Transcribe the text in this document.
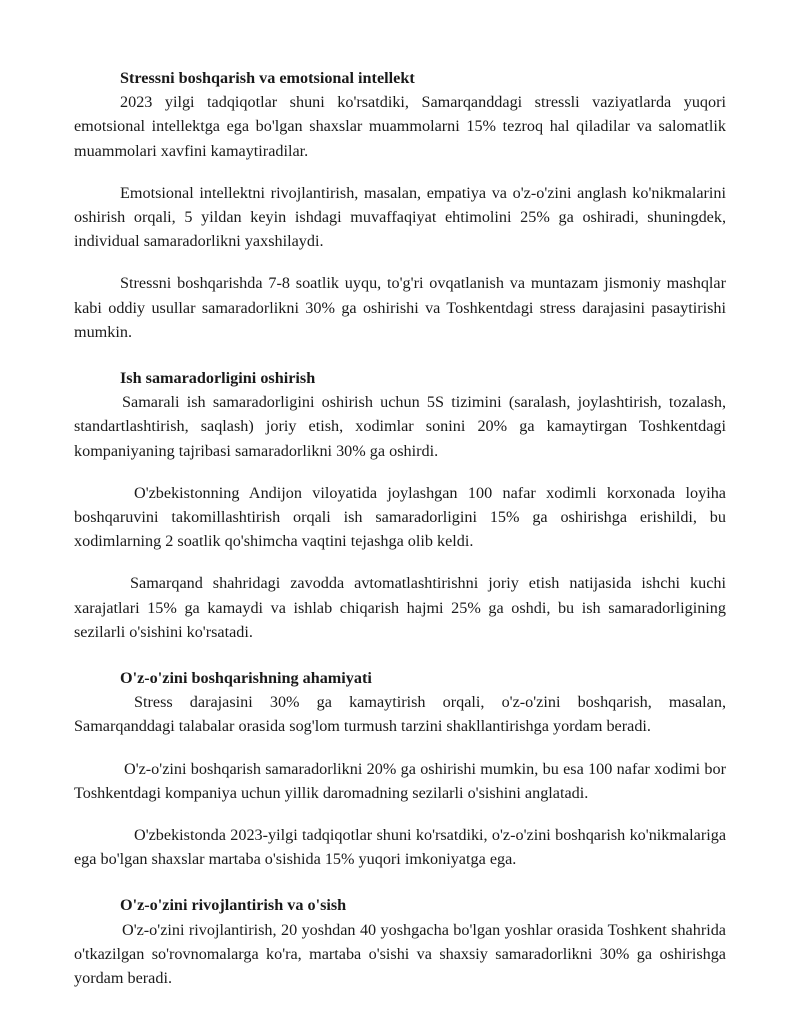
Stressni boshqarish va emotsional intellekt

2023 yilgi tadqiqotlar shuni ko'rsatdiki, Samarqanddagi stressli vaziyatlarda yuqori emotsional intellektga ega bo'lgan shaxslar muammolarni 15% tezroq hal qiladilar va salomatlik muammolari xavfini kamaytiradilar.

Emotsional intellektni rivojlantirish, masalan, empatiya va o'z-o'zini anglash ko'nikmalarini oshirish orqali, 5 yildan keyin ishdagi muvaffaqiyat ehtimolini 25% ga oshiradi, shuningdek, individual samaradorlikni yaxshilaydi.

Stressni boshqarishda 7-8 soatlik uyqu, to'g'ri ovqatlanish va muntazam jismoniy mashqlar kabi oddiy usullar samaradorlikni 30% ga oshirishi va Toshkentdagi stress darajasini pasaytirishi mumkin.

Ish samaradorligini oshirish

Samarali ish samaradorligini oshirish uchun 5S tizimini (saralash, joylashtirish, tozalash, standartlashtirish, saqlash) joriy etish, xodimlar sonini 20% ga kamaytirgan Toshkentdagi kompaniyaning tajribasi samaradorlikni 30% ga oshirdi.

O'zbekistonning Andijon viloyatida joylashgan 100 nafar xodimli korxonada loyiha boshqaruvini takomillashtirish orqali ish samaradorligini 15% ga oshirishga erishildi, bu xodimlarning 2 soatlik qo'shimcha vaqtini tejashga olib keldi.

Samarqand shahridagi zavodda avtomatlashtirishni joriy etish natijasida ishchi kuchi xarajatlari 15% ga kamaydi va ishlab chiqarish hajmi 25% ga oshdi, bu ish samaradorligining sezilarli o'sishini ko'rsatadi.

O'z-o'zini boshqarishning ahamiyati

Stress darajasini 30% ga kamaytirish orqali, o'z-o'zini boshqarish, masalan, Samarqanddagi talabalar orasida sog'lom turmush tarzini shakllantirishga yordam beradi.

O'z-o'zini boshqarish samaradorlikni 20% ga oshirishi mumkin, bu esa 100 nafar xodimi bor Toshkentdagi kompaniya uchun yillik daromadning sezilarli o'sishini anglatadi.

O'zbekistonda 2023-yilgi tadqiqotlar shuni ko'rsatdiki, o'z-o'zini boshqarish ko'nikmalariga ega bo'lgan shaxslar martaba o'sishida 15% yuqori imkoniyatga ega.

O'z-o'zini rivojlantirish va o'sish

O'z-o'zini rivojlantirish, 20 yoshdan 40 yoshgacha bo'lgan yoshlar orasida Toshkent shahrida o'tkazilgan so'rovnomalarga ko'ra, martaba o'sishi va shaxsiy samaradorlikni 30% ga oshirishga yordam beradi.
